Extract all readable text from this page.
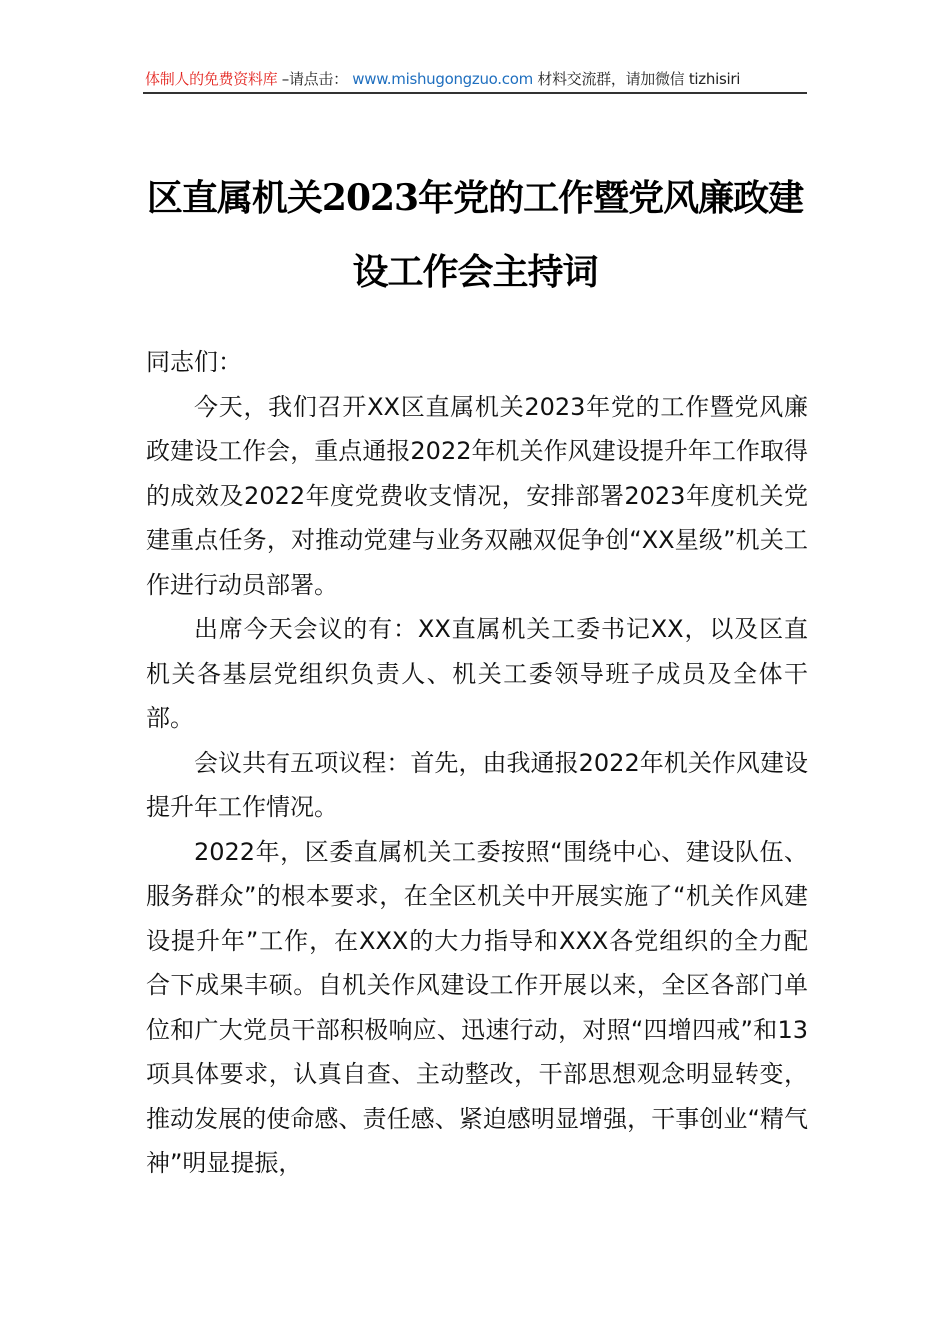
体制人的免费资料库 –请点击： www.mishugongzuo.com 材料交流群，请加微信 tizhisiri
区直属机关2023年党的工作暨党风廉政建
设工作会主持词

同志们：

今天，我们召开XX区直属机关2023年党的工作暨党风廉政建设工作会，重点通报2022年机关作风建设提升年工作取得的成效及2022年度党费收支情况，安排部署2023年度机关党建重点任务，对推动党建与业务双融双促争创“XX星级”机关工作进行动员部署。

出席今天会议的有：XX直属机关工委书记XX，以及区直机关各基层党组织负责人、机关工委领导班子成员及全体干部。

会议共有五项议程：首先，由我通报2022年机关作风建设提升年工作情况。

2022年，区委直属机关工委按照“围绕中心、建设队伍、服务群众”的根本要求，在全区机关中开展实施了“机关作风建设提升年”工作，在XXX的大力指导和XXX各党组织的全力配合下成果丰硕。自机关作风建设工作开展以来，全区各部门单位和广大党员干部积极响应、迅速行动，对照“四增四戒”和13项具体要求，认真自查、主动整改，干部思想观念明显转变，推动发展的使命感、责任感、紧迫感明显增强，干事创业“精气神”明显提振，
